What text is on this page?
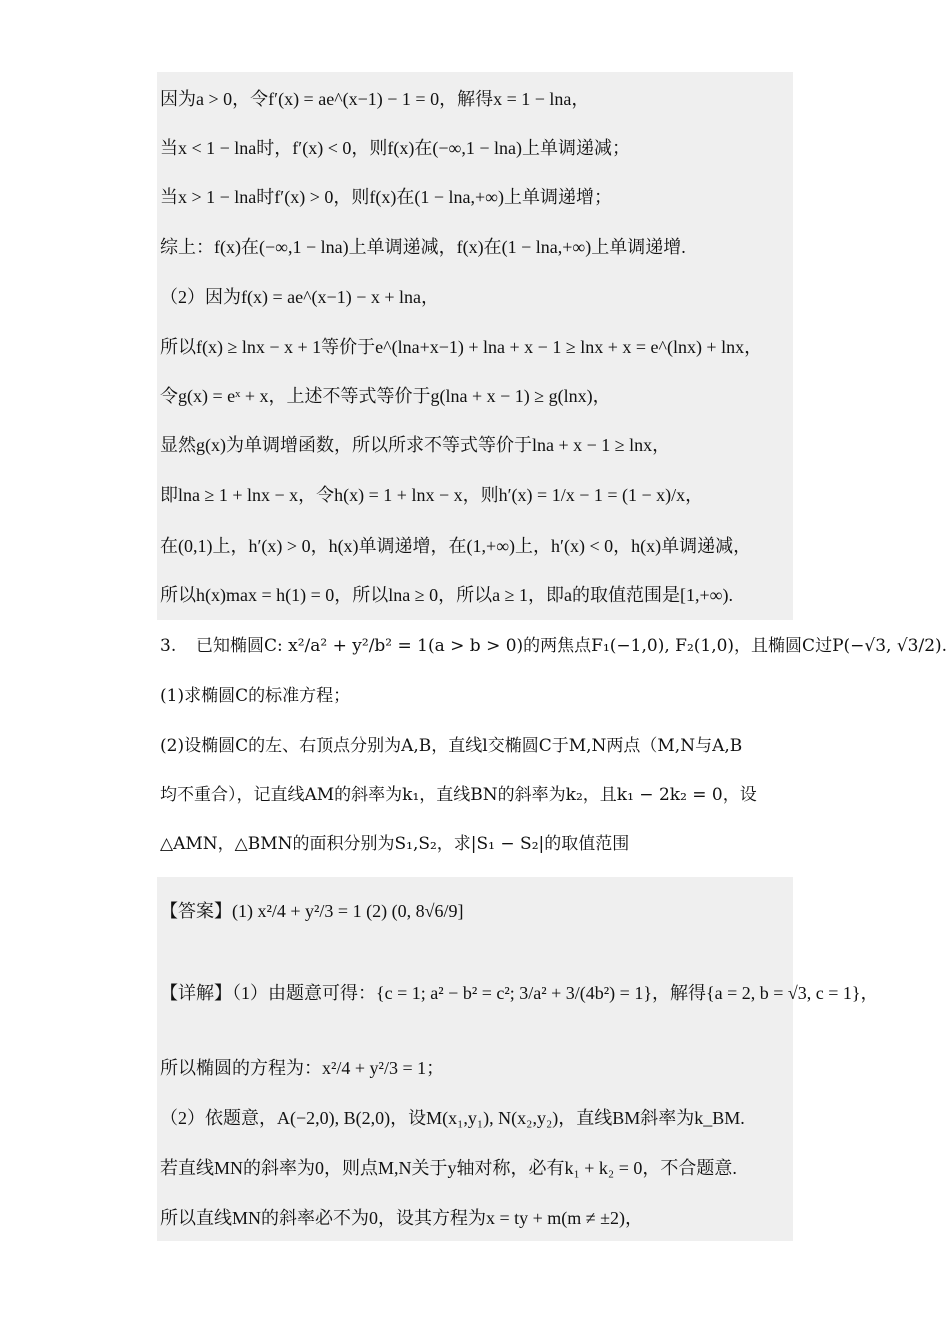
因为a > 0，令f′(x) = ae^(x−1) − 1 = 0，解得x = 1 − lna，
当x < 1 − lna时，f′(x) < 0，则f(x)在(−∞,1 − lna)上单调递减；
当x > 1 − lna时f′(x) > 0，则f(x)在(1 − lna,+∞)上单调递增；
综上：f(x)在(−∞,1 − lna)上单调递减，f(x)在(1 − lna,+∞)上单调递增.
（2）因为f(x) = ae^(x−1) − x + lna，
所以f(x) ≥ lnx − x + 1等价于e^(lna+x−1) + lna + x − 1 ≥ lnx + x = e^(lnx) + lnx，
令g(x) = eˣ + x，上述不等式等价于g(lna + x − 1) ≥ g(lnx)，
显然g(x)为单调增函数，所以所求不等式等价于lna + x − 1 ≥ lnx，
即lna ≥ 1 + lnx − x，令h(x) = 1 + lnx − x，则h′(x) = 1/x − 1 = (1 − x)/x，
在(0,1)上，h′(x) > 0，h(x)单调递增，在(1,+∞)上，h′(x) < 0，h(x)单调递减，
所以h(x)max = h(1) = 0，所以lna ≥ 0，所以a ≥ 1，即a的取值范围是[1,+∞).
3. 已知椭圆C: x²/a² + y²/b² = 1(a > b > 0)的两焦点F₁(−1,0), F₂(1,0)，且椭圆C过P(−√3, √3/2).
(1)求椭圆C的标准方程；
(2)设椭圆C的左、右顶点分别为A,B，直线l交椭圆C于M,N两点（M,N与A,B
均不重合），记直线AM的斜率为k₁，直线BN的斜率为k₂，且k₁ − 2k₂ = 0，设
△AMN，△BMN的面积分别为S₁,S₂，求|S₁ − S₂|的取值范围
【答案】(1) x²/4 + y²/3 = 1 (2) (0, 8√6/9]
【详解】（1）由题意可得：{c = 1; a² − b² = c²; 3/a² + 3/(4b²) = 1}，解得{a = 2, b = √3, c = 1}，
所以椭圆的方程为：x²/4 + y²/3 = 1；
（2）依题意，A(−2,0), B(2,0)，设M(x₁,y₁), N(x₂,y₂)，直线BM斜率为k_BM.
若直线MN的斜率为0，则点M,N关于y轴对称，必有k₁ + k₂ = 0，不合题意.
所以直线MN的斜率必不为0，设其方程为x = ty + m(m ≠ ±2)，
